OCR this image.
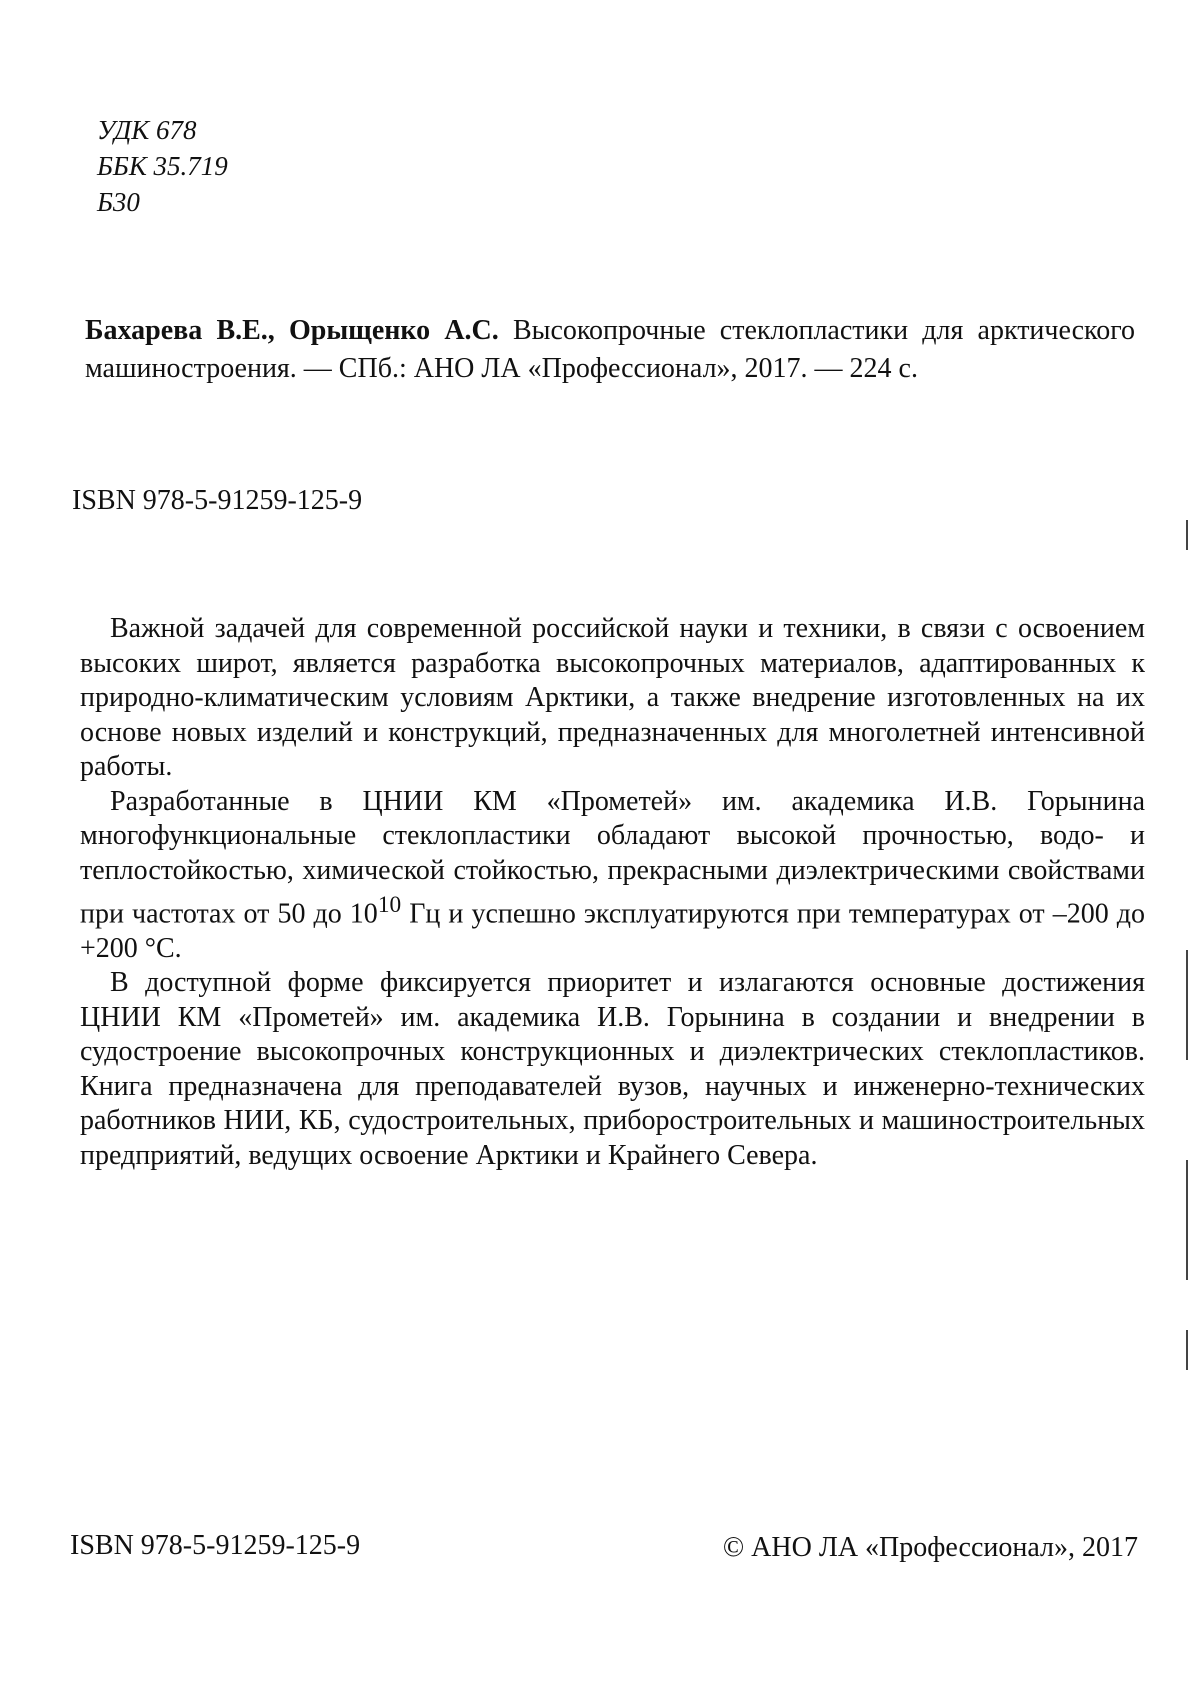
УДК 678
ББК 35.719
Б30
Бахарева В.Е., Орыщенко А.С. Высокопрочные стеклопластики для арктического машиностроения. — СПб.: АНО ЛА «Профессионал», 2017. — 224 с.
ISBN 978-5-91259-125-9

Важной задачей для современной российской науки и техники, в связи с освоением высоких широт, является разработка высокопрочных материалов, адаптированных к природно-климатическим условиям Арктики, а также внедрение изготовленных на их основе новых изделий и конструкций, предназначенных для многолетней интенсивной работы.

Разработанные в ЦНИИ КМ «Прометей» им. академика И.В. Горынина многофункциональные стеклопластики обладают высокой прочностью, водо- и теплостойкостью, химической стойкостью, прекрасными диэлектрическими свойствами при частотах от 50 до $10^{10}$ Гц и успешно эксплуатируются при температурах от –200 до +200 °С.

В доступной форме фиксируется приоритет и излагаются основные достижения ЦНИИ КМ «Прометей» им. академика И.В. Горынина в создании и внедрении в судостроение высокопрочных конструкционных и диэлектрических стеклопластиков. Книга предназначена для преподавателей вузов, научных и инженерно-технических работников НИИ, КБ, судостроительных, приборостроительных и машиностроительных предприятий, ведущих освоение Арктики и Крайнего Севера.

ISBN 978-5-91259-125-9	© АНО ЛА «Профессионал», 2017
